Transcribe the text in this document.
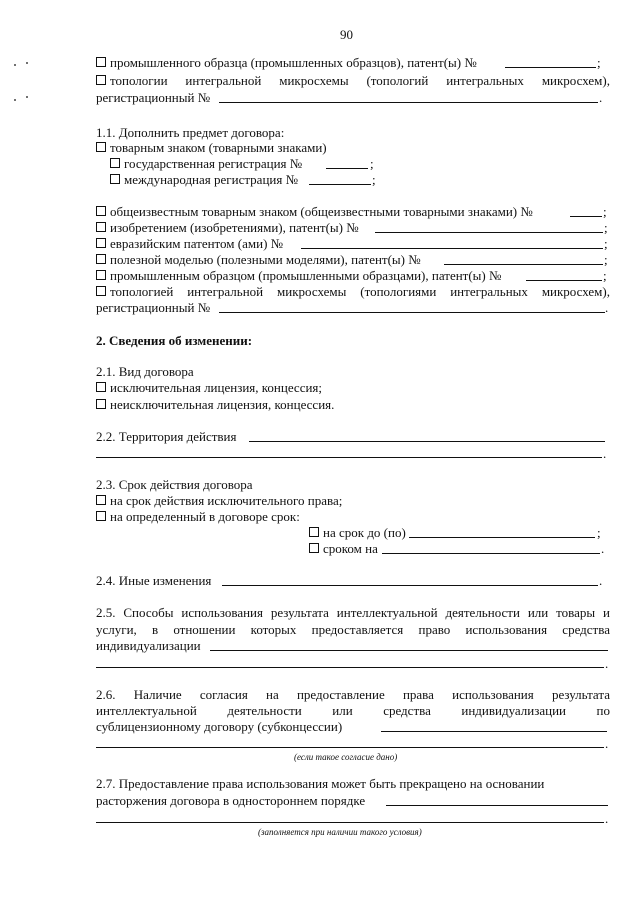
90
промышленного образца (промышленных образцов), патент(ы) №	;
топологии интегральной микросхемы (топологий интегральных микросхем),
регистрационный №	.
1.1. Дополнить предмет договора:
товарным знаком (товарными знаками)
государственная регистрация №	;
международная регистрация №	;
общеизвестным товарным знаком (общеизвестными товарными знаками) №	;
изобретением (изобретениями), патент(ы) №	;
евразийским патентом (ами) №	;
полезной моделью (полезными моделями), патент(ы) №	;
промышленным образцом (промышленными образцами), патент(ы) №	;
топологией интегральной микросхемы (топологиями интегральных микросхем),
регистрационный №	.
2. Сведения об изменении:
2.1. Вид договора
исключительная лицензия, концессия;
неисключительная лицензия, концессия.
2.2. Территория действия
.
2.3. Срок действия договора
на срок действия исключительного права;
на определенный в договоре срок:
на срок до (по)	;
сроком на	.
2.4. Иные изменения	.
2.5. Способы использования результата интеллектуальной деятельности или товары и
услуги, в отношении которых предоставляется право использования средства
индивидуализации
.
2.6. Наличие согласия на предоставление права использования результата
интеллектуальной деятельности или средства индивидуализации по
сублицензионному договору (субконцессии)
.
(если такое согласие дано)
2.7. Предоставление права использования может быть прекращено на основании
расторжения договора в одностороннем порядке
.
(заполняется при наличии такого условия)
